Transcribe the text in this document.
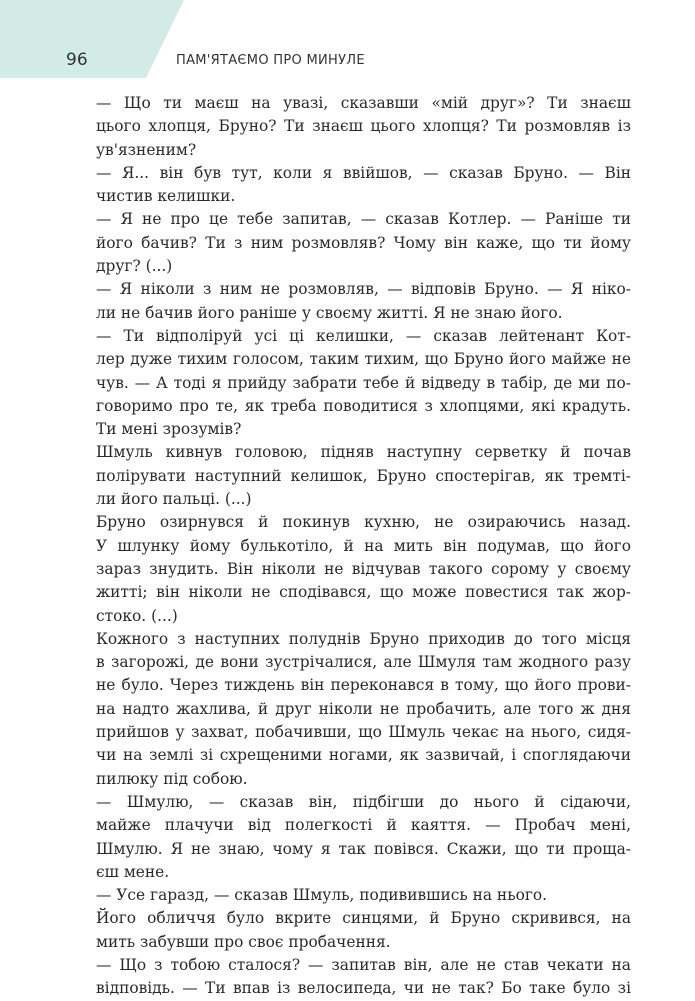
96	ПАМ'ЯТАЄМО ПРО МИНУЛЕ

— Що ти маєш на увазі, сказавши «мій друг»? Ти знаєш

цього хлопця, Бруно? Ти знаєш цього хлопця? Ти розмовляв із

ув'язненим?

— Я... він був тут, коли я ввійшов, — сказав Бруно. — Він

чистив келишки.

— Я не про це тебе запитав, — сказав Котлер. — Раніше ти

його бачив? Ти з ним розмовляв? Чому він каже, що ти йому

друг? (...)

— Я ніколи з ним не розмовляв, — відповів Бруно. — Я ніко-

ли не бачив його раніше у своєму житті. Я не знаю його.

— Ти відполіруй усі ці келишки, — сказав лейтенант Кот-

лер дуже тихим голосом, таким тихим, що Бруно його майже не

чув. — А тоді я прийду забрати тебе й відведу в табір, де ми по-

говоримо про те, як треба поводитися з хлопцями, які крадуть.

Ти мені зрозумів?

Шмуль кивнув головою, підняв наступну серветку й почав

полірувати наступний келишок, Бруно спостерігав, як тремті-

ли його пальці. (...)

Бруно озирнувся й покинув кухню, не озираючись назад.

У шлунку йому булькотіло, й на мить він подумав, що його

зараз знудить. Він ніколи не відчував такого сорому у своєму

житті; він ніколи не сподівався, що може повестися так жор-

стоко. (...)

Кожного з наступних полуднів Бруно приходив до того місця

в загорожі, де вони зустрічалися, але Шмуля там жодного разу

не було. Через тиждень він переконався в тому, що його прови-

на надто жахлива, й друг ніколи не пробачить, але того ж дня

прийшов у захват, побачивши, що Шмуль чекає на нього, сидя-

чи на землі зі схрещеними ногами, як зазвичай, і споглядаючи

пилюку під собою.

— Шмулю, — сказав він, підбігши до нього й сідаючи,

майже плачучи від полегкості й каяття. — Пробач мені,

Шмулю. Я не знаю, чому я так повівся. Скажи, що ти проща-

єш мене.

— Усе гаразд, — сказав Шмуль, подивившись на нього.

Його обличчя було вкрите синцями, й Бруно скривився, на

мить забувши про своє пробачення.

— Що з тобою сталося? — запитав він, але не став чекати на

відповідь. — Ти впав із велосипеда, чи не так? Бо таке було зі
